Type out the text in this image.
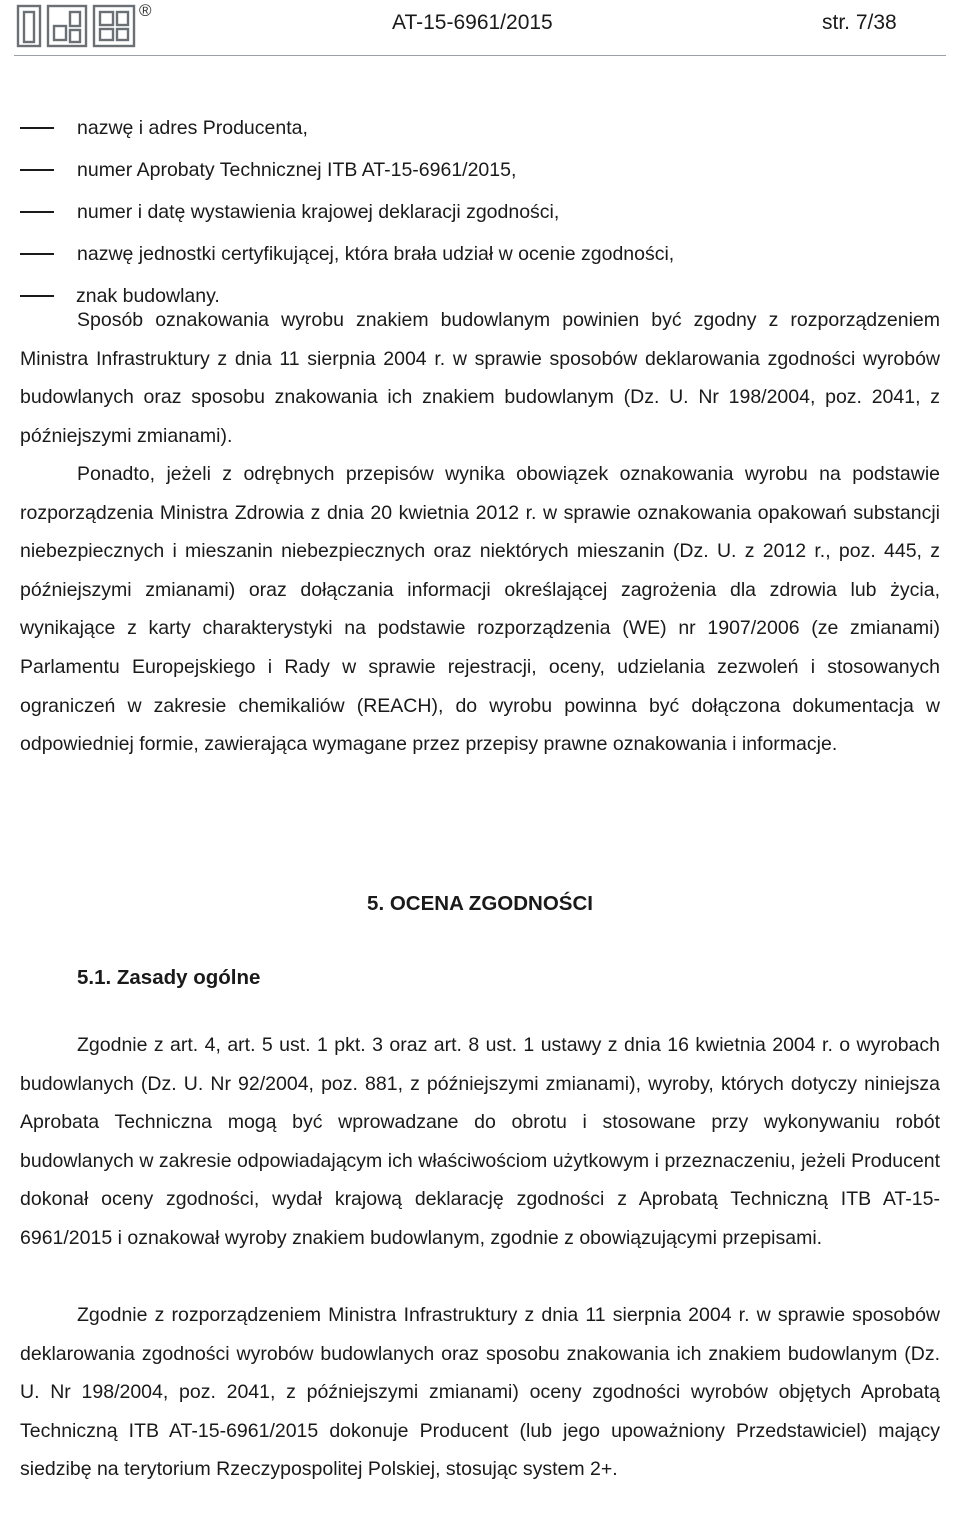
®
AT-15-6961/2015	str. 7/38
nazwę i adres Producenta,
numer Aprobaty Technicznej ITB AT-15-6961/2015,
numer i datę wystawienia krajowej deklaracji zgodności,
nazwę jednostki certyfikującej, która brała udział w ocenie zgodności,
znak budowlany.

Sposób oznakowania wyrobu znakiem budowlanym powinien być zgodny z rozporządzeniem Ministra Infrastruktury z dnia 11 sierpnia 2004 r. w sprawie sposobów deklarowania zgodności wyrobów budowlanych oraz sposobu znakowania ich znakiem budowlanym (Dz. U. Nr 198/2004, poz. 2041, z późniejszymi zmianami).

Ponadto, jeżeli z odrębnych przepisów wynika obowiązek oznakowania wyrobu na podstawie rozporządzenia Ministra Zdrowia z dnia 20 kwietnia 2012 r. w sprawie oznakowania opakowań substancji niebezpiecznych i mieszanin niebezpiecznych oraz niektórych mieszanin (Dz. U. z 2012 r., poz. 445, z późniejszymi zmianami) oraz dołączania informacji określającej zagrożenia dla zdrowia lub życia, wynikające z karty charakterystyki na podstawie rozporządzenia (WE) nr 1907/2006 (ze zmianami) Parlamentu Europejskiego i Rady w sprawie rejestracji, oceny, udzielania zezwoleń i stosowanych ograniczeń w zakresie chemikaliów (REACH), do wyrobu powinna być dołączona dokumentacja w odpowiedniej formie, zawierająca wymagane przez przepisy prawne oznakowania i informacje.

5. OCENA ZGODNOŚCI
5.1. Zasady ogólne

Zgodnie z art. 4, art. 5 ust. 1 pkt. 3 oraz art. 8 ust. 1 ustawy z dnia 16 kwietnia 2004 r. o wyrobach budowlanych (Dz. U. Nr 92/2004, poz. 881, z późniejszymi zmianami), wyroby, których dotyczy niniejsza Aprobata Techniczna mogą być wprowadzane do obrotu i stosowane przy wykonywaniu robót budowlanych w zakresie odpowiadającym ich właściwościom użytkowym i przeznaczeniu, jeżeli Producent dokonał oceny zgodności, wydał krajową deklarację zgodności z Aprobatą Techniczną ITB AT-15-6961/2015 i oznakował wyroby znakiem budowlanym, zgodnie z obowiązującymi przepisami.

Zgodnie z rozporządzeniem Ministra Infrastruktury z dnia 11 sierpnia 2004 r. w sprawie sposobów deklarowania zgodności wyrobów budowlanych oraz sposobu znakowania ich znakiem budowlanym (Dz. U. Nr 198/2004, poz. 2041, z późniejszymi zmianami) oceny zgodności wyrobów objętych Aprobatą Techniczną ITB AT-15-6961/2015 dokonuje Producent (lub jego upoważniony Przedstawiciel) mający siedzibę na terytorium Rzeczypospolitej Polskiej, stosując system 2+.
